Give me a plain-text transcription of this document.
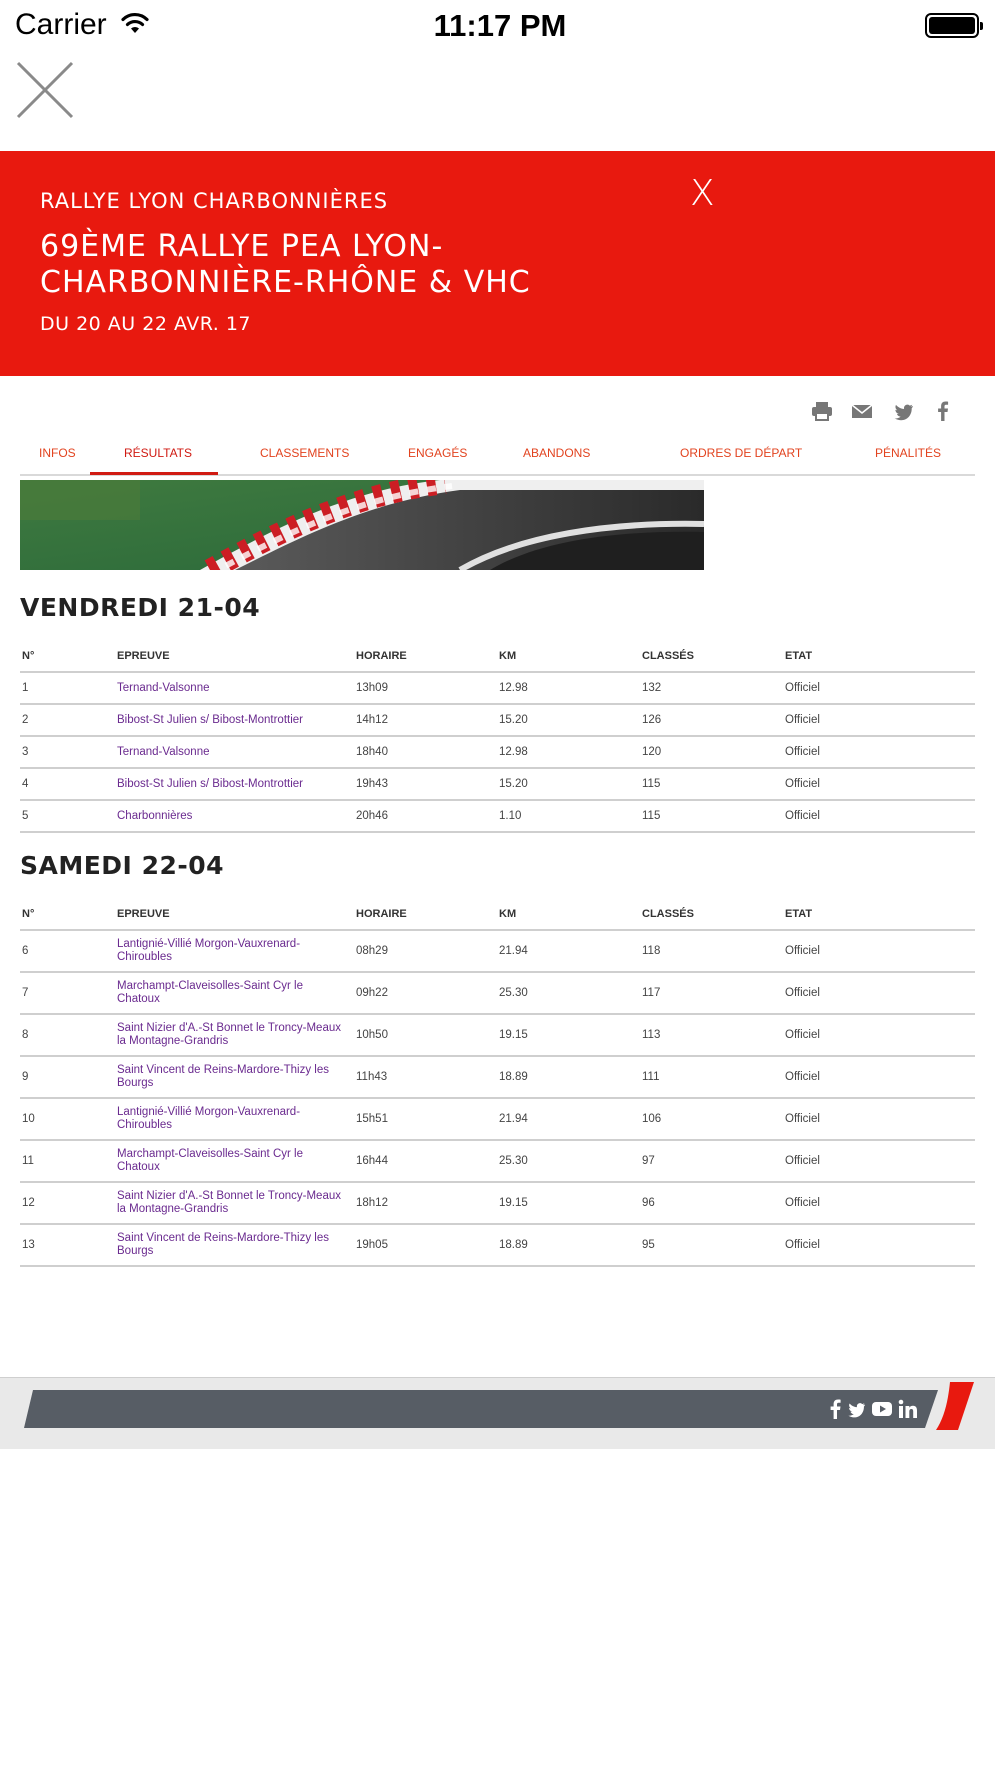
Carrier	11:17 PM
RALLYE LYON CHARBONNIÈRES
69ÈME RALLYE PEA LYON-CHARBONNIÈRE-RHÔNE & VHC
DU 20 AU 22 AVR. 17
X
INFOS	RÉSULTATS	CLASSEMENTS	ENGAGÉS	ABANDONS	ORDRES DE DÉPART	PÉNALITÉS
VENDREDI 21-04
N°	EPREUVE	HORAIRE	KM	CLASSÉS	ETAT
1	Ternand-Valsonne	13h09	12.98	132	Officiel
2	Bibost-St Julien s/ Bibost-Montrottier	14h12	15.20	126	Officiel
3	Ternand-Valsonne	18h40	12.98	120	Officiel
4	Bibost-St Julien s/ Bibost-Montrottier	19h43	15.20	115	Officiel
5	Charbonnières	20h46	1.10	115	Officiel
SAMEDI 22-04
N°	EPREUVE	HORAIRE	KM	CLASSÉS	ETAT
6	Lantignié-Villié Morgon-Vauxrenard-Chiroubles	08h29	21.94	118	Officiel
7	Marchampt-Claveisolles-Saint Cyr le Chatoux	09h22	25.30	117	Officiel
8	Saint Nizier d'A.-St Bonnet le Troncy-Meaux la Montagne-Grandris	10h50	19.15	113	Officiel
9	Saint Vincent de Reins-Mardore-Thizy les Bourgs	11h43	18.89	111	Officiel
10	Lantignié-Villié Morgon-Vauxrenard-Chiroubles	15h51	21.94	106	Officiel
11	Marchampt-Claveisolles-Saint Cyr le Chatoux	16h44	25.30	97	Officiel
12	Saint Nizier d'A.-St Bonnet le Troncy-Meaux la Montagne-Grandris	18h12	19.15	96	Officiel
13	Saint Vincent de Reins-Mardore-Thizy les Bourgs	19h05	18.89	95	Officiel
